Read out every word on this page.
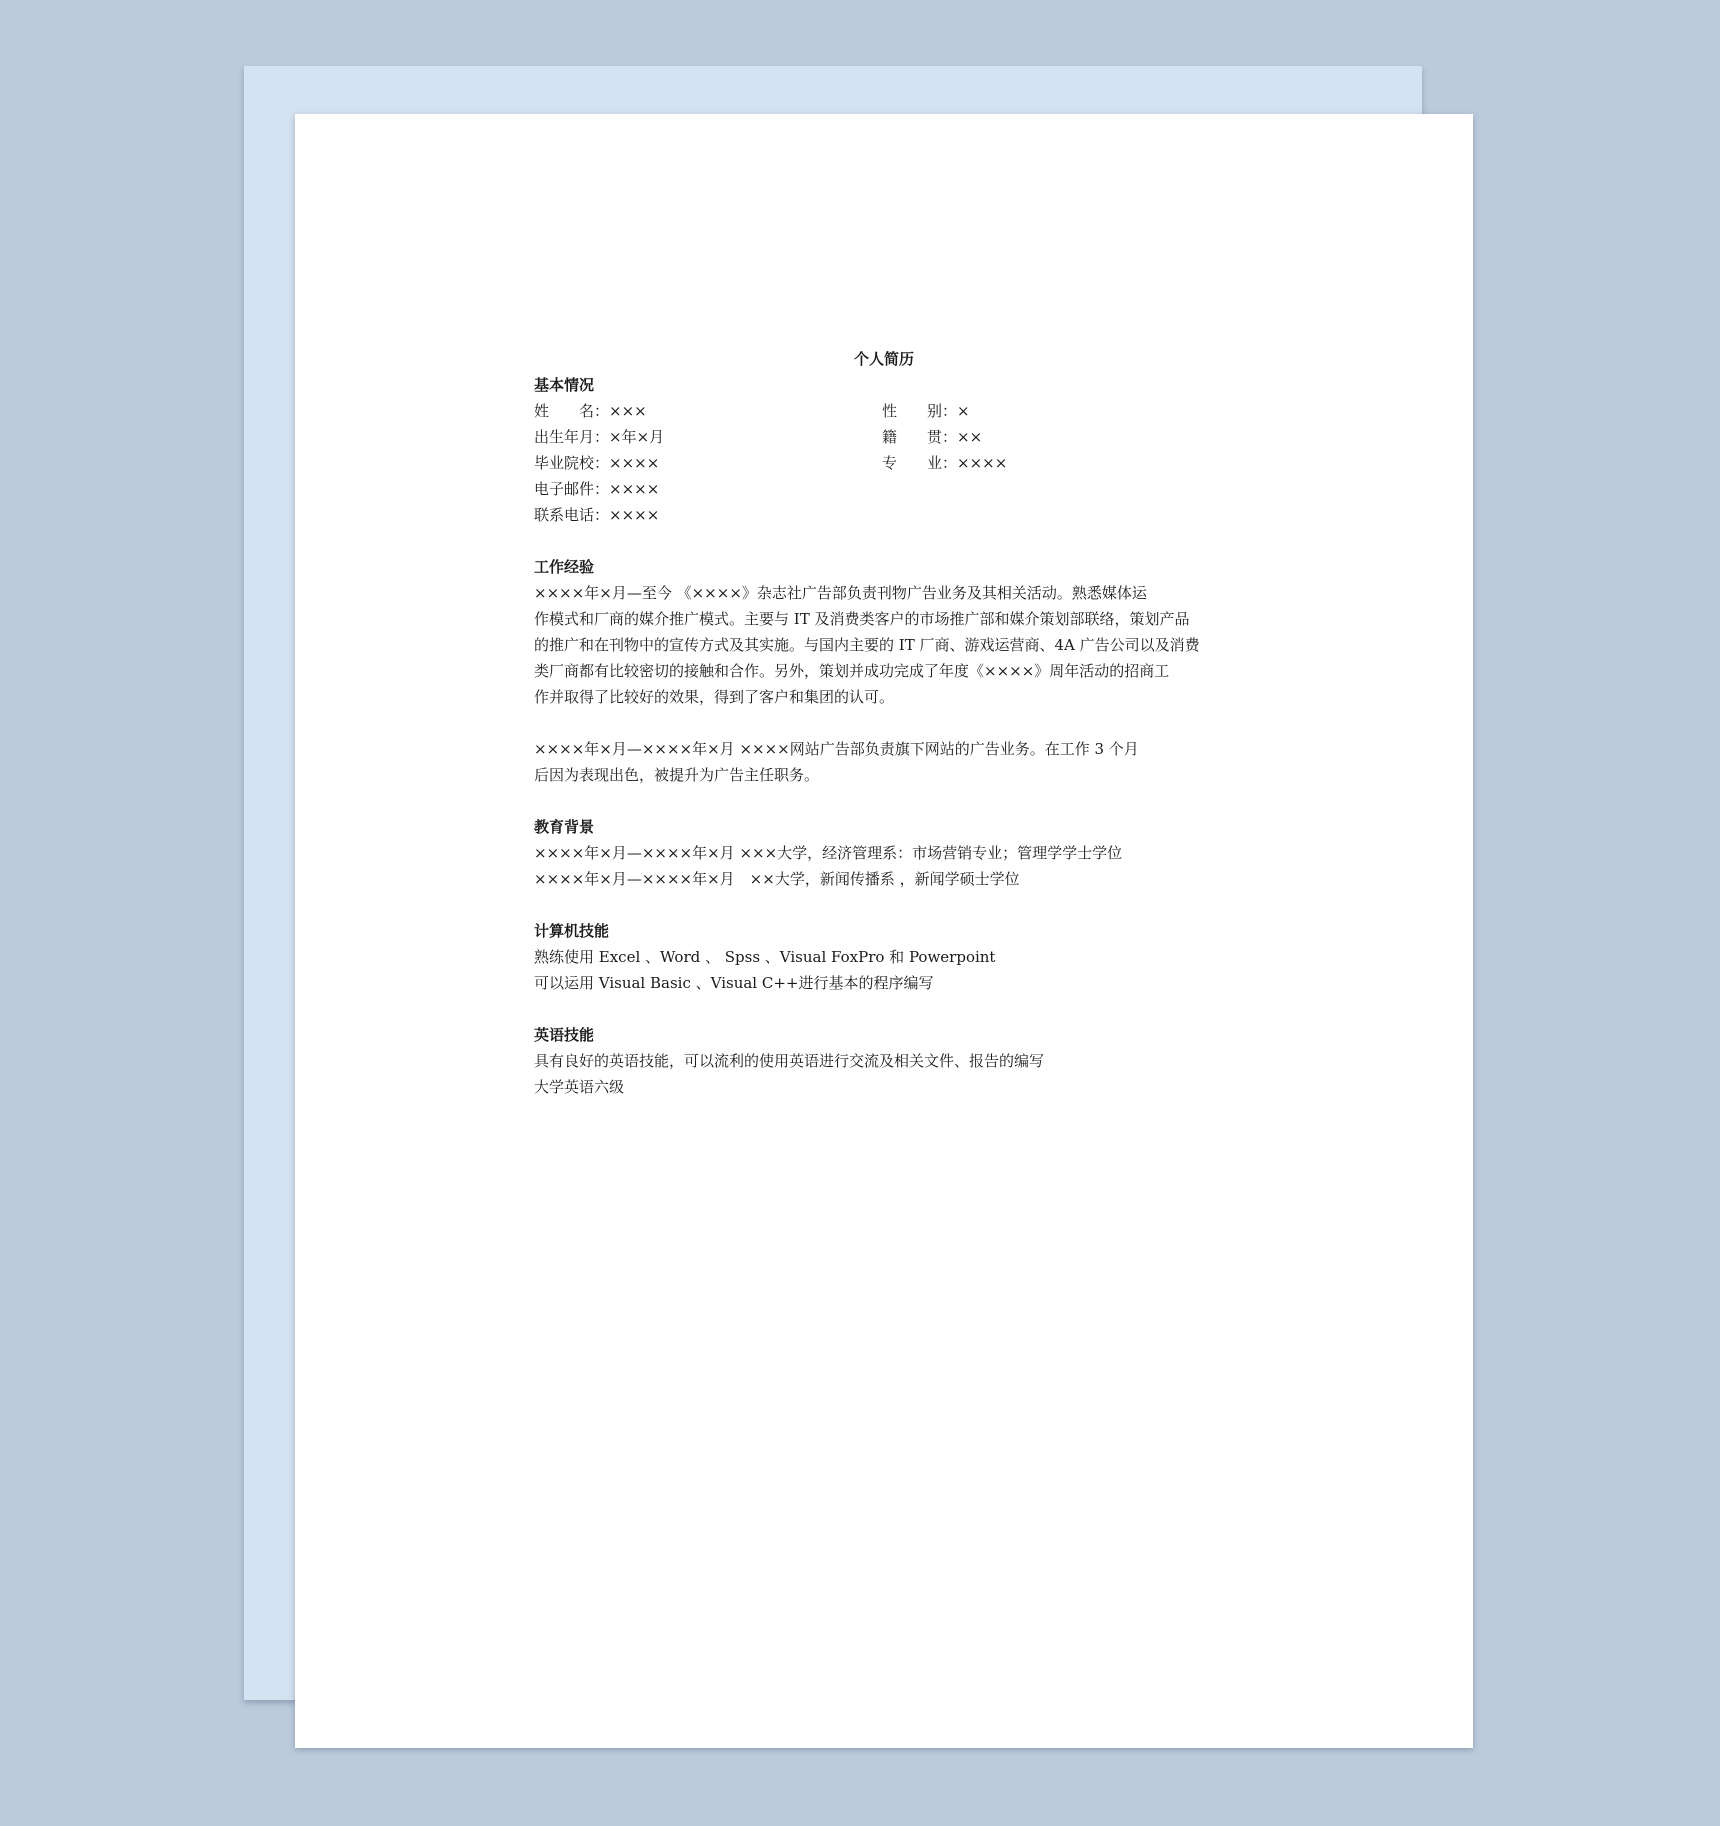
个人简历
基本情况
姓　　名：×××	性　　别：×
出生年月：×年×月	籍　　贯：××
毕业院校：××××	专　　业：××××
电子邮件：××××
联系电话：××××
工作经验
××××年×月—至今 《××××》杂志社广告部负责刊物广告业务及其相关活动。熟悉媒体运
作模式和厂商的媒介推广模式。主要与 IT 及消费类客户的市场推广部和媒介策划部联络，策划产品
的推广和在刊物中的宣传方式及其实施。与国内主要的 IT 厂商、游戏运营商、4A 广告公司以及消费
类厂商都有比较密切的接触和合作。另外，策划并成功完成了年度《××××》周年活动的招商工
作并取得了比较好的效果，得到了客户和集团的认可。
××××年×月—××××年×月 ××××网站广告部负责旗下网站的广告业务。在工作 3 个月
后因为表现出色，被提升为广告主任职务。
教育背景
××××年×月—××××年×月 ×××大学，经济管理系：市场营销专业；管理学学士学位
××××年×月—××××年×月　××大学，新闻传播系 ，新闻学硕士学位
计算机技能
熟练使用 Excel 、Word 、 Spss 、Visual FoxPro 和 Powerpoint
可以运用 Visual Basic 、Visual C++进行基本的程序编写
英语技能
具有良好的英语技能，可以流利的使用英语进行交流及相关文件、报告的编写
大学英语六级
